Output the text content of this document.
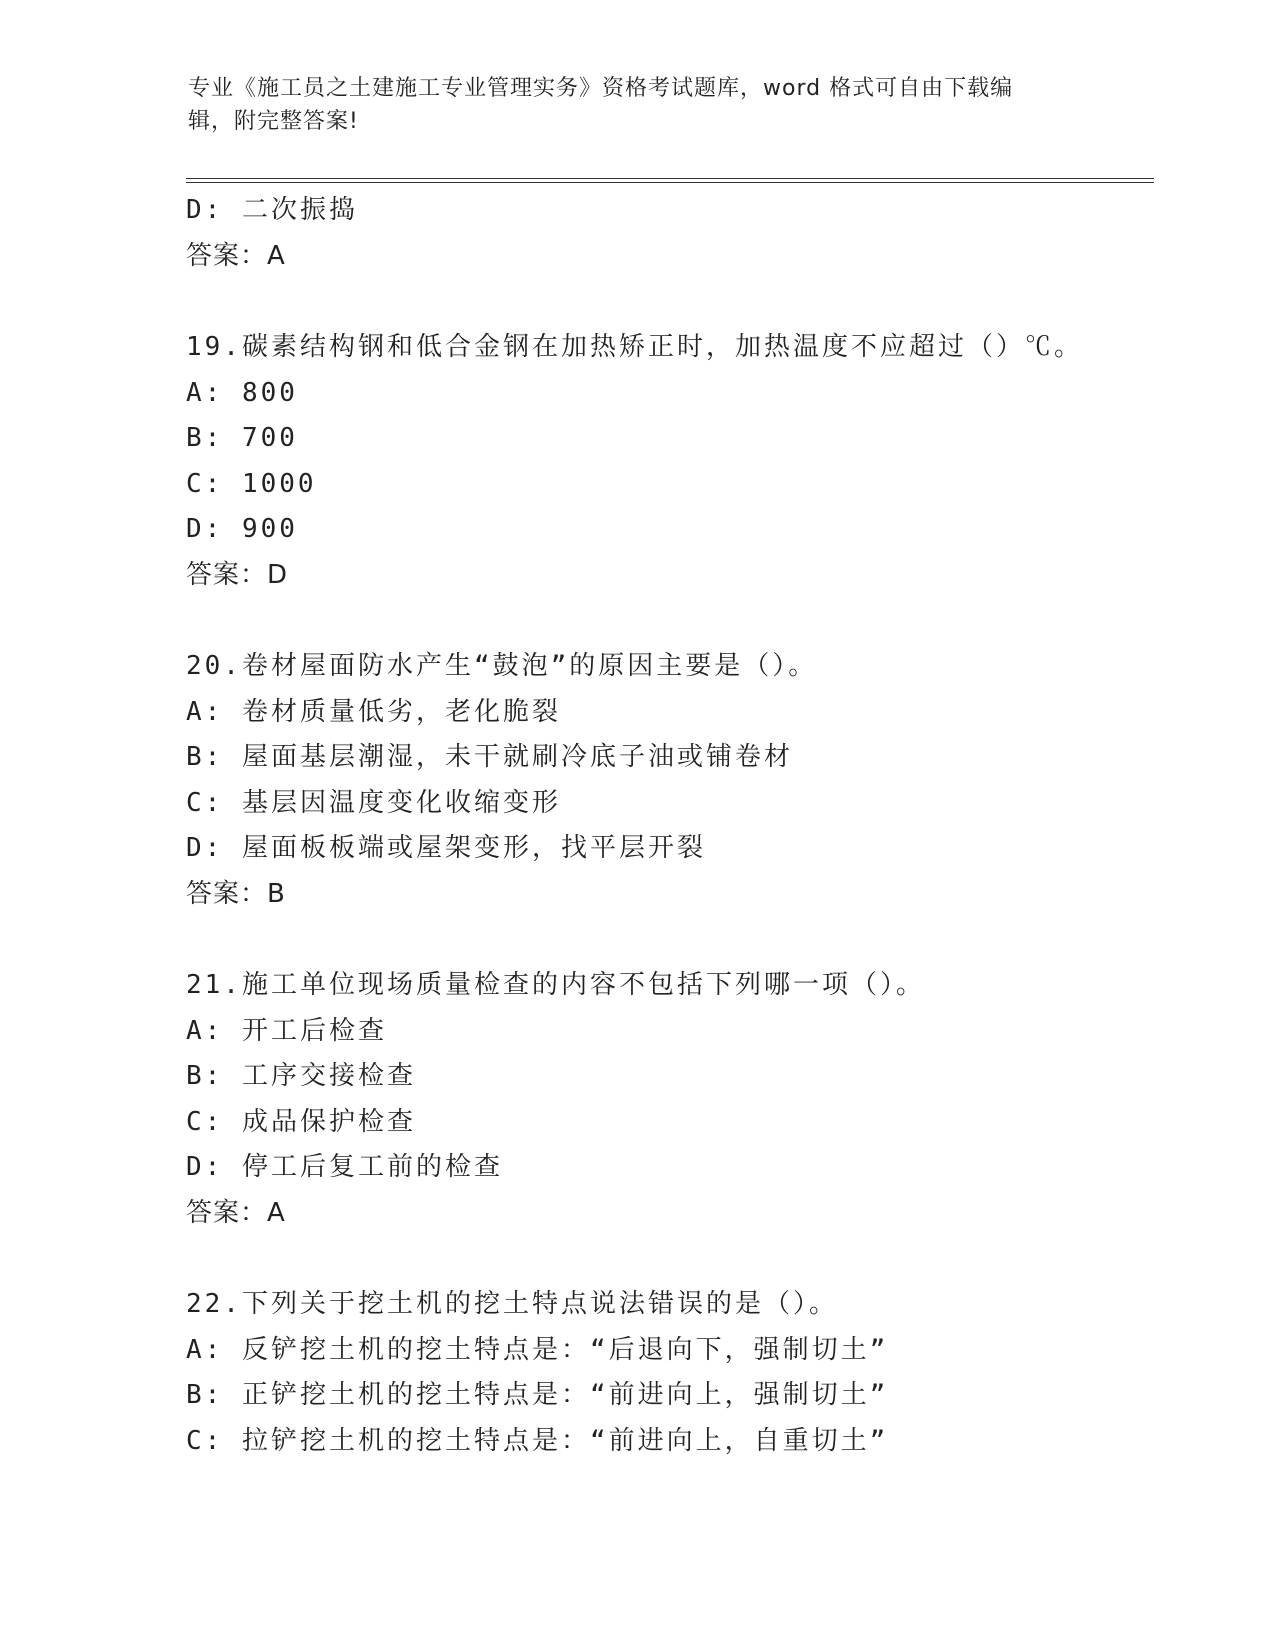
专业《施工员之土建施工专业管理实务》资格考试题库，word 格式可自由下载编
辑，附完整答案!
D: 二次振捣
答案：A
19.碳素结构钢和低合金钢在加热矫正时，加热温度不应超过（）℃。
A: 800
B: 700
C: 1000
D: 900
答案：D
20.卷材屋面防水产生“鼓泡”的原因主要是（）。
A: 卷材质量低劣，老化脆裂
B: 屋面基层潮湿，未干就刷冷底子油或铺卷材
C: 基层因温度变化收缩变形
D: 屋面板板端或屋架变形，找平层开裂
答案：B
21.施工单位现场质量检查的内容不包括下列哪一项（）。
A: 开工后检查
B: 工序交接检查
C: 成品保护检查
D: 停工后复工前的检查
答案：A
22.下列关于挖土机的挖土特点说法错误的是（）。
A: 反铲挖土机的挖土特点是：“后退向下，强制切土”
B: 正铲挖土机的挖土特点是：“前进向上，强制切土”
C: 拉铲挖土机的挖土特点是：“前进向上，自重切土”
